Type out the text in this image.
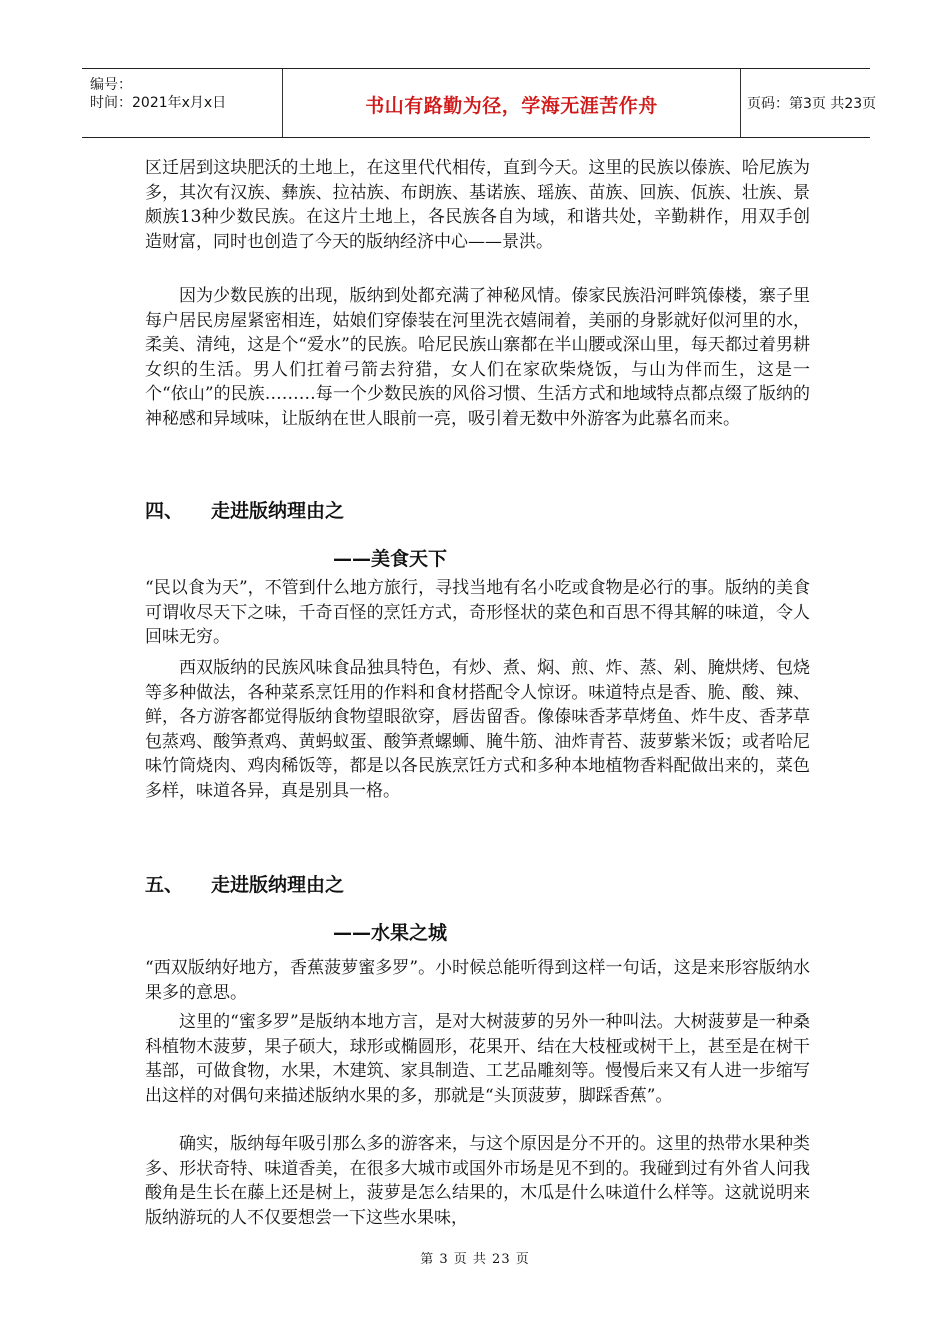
编号：
时间：2021年x月x日	书山有路勤为径，学海无涯苦作舟	页码：第3页 共23页

区迁居到这块肥沃的土地上，在这里代代相传，直到今天。这里的民族以傣族、哈尼族为多，其次有汉族、彝族、拉祜族、布朗族、基诺族、瑶族、苗族、回族、佤族、壮族、景颇族13种少数民族。在这片土地上，各民族各自为域，和谐共处，辛勤耕作，用双手创造财富，同时也创造了今天的版纳经济中心——景洪。

因为少数民族的出现，版纳到处都充满了神秘风情。傣家民族沿河畔筑傣楼，寨子里每户居民房屋紧密相连，姑娘们穿傣装在河里洗衣嬉闹着，美丽的身影就好似河里的水，柔美、清纯，这是个“爱水”的民族。哈尼民族山寨都在半山腰或深山里，每天都过着男耕女织的生活。男人们扛着弓箭去狩猎，女人们在家砍柴烧饭，与山为伴而生，这是一个“依山”的民族………每一个少数民族的风俗习惯、生活方式和地域特点都点缀了版纳的神秘感和异域味，让版纳在世人眼前一亮，吸引着无数中外游客为此慕名而来。

四、 走进版纳理由之
——美食天下

“民以食为天”，不管到什么地方旅行，寻找当地有名小吃或食物是必行的事。版纳的美食可谓收尽天下之味，千奇百怪的烹饪方式，奇形怪状的菜色和百思不得其解的味道，令人回味无穷。

西双版纳的民族风味食品独具特色，有炒、煮、焖、煎、炸、蒸、剁、腌烘烤、包烧等多种做法，各种菜系烹饪用的作料和食材搭配令人惊讶。味道特点是香、脆、酸、辣、鲜，各方游客都觉得版纳食物望眼欲穿，唇齿留香。像傣味香茅草烤鱼、炸牛皮、香茅草包蒸鸡、酸笋煮鸡、黄蚂蚁蛋、酸笋煮螺蛳、腌牛筋、油炸青苔、菠萝紫米饭；或者哈尼味竹筒烧肉、鸡肉稀饭等，都是以各民族烹饪方式和多种本地植物香料配做出来的，菜色多样，味道各异，真是别具一格。

五、 走进版纳理由之
——水果之城

“西双版纳好地方，香蕉菠萝蜜多罗”。小时候总能听得到这样一句话，这是来形容版纳水果多的意思。

这里的“蜜多罗”是版纳本地方言，是对大树菠萝的另外一种叫法。大树菠萝是一种桑科植物木菠萝，果子硕大，球形或椭圆形，花果开、结在大枝桠或树干上，甚至是在树干基部，可做食物，水果，木建筑、家具制造、工艺品雕刻等。慢慢后来又有人进一步缩写出这样的对偶句来描述版纳水果的多，那就是“头顶菠萝，脚踩香蕉”。

确实，版纳每年吸引那么多的游客来，与这个原因是分不开的。这里的热带水果种类多、形状奇特、味道香美，在很多大城市或国外市场是见不到的。我碰到过有外省人问我酸角是生长在藤上还是树上，菠萝是怎么结果的，木瓜是什么味道什么样等。这就说明来版纳游玩的人不仅要想尝一下这些水果味，

第 3 页 共 23 页
